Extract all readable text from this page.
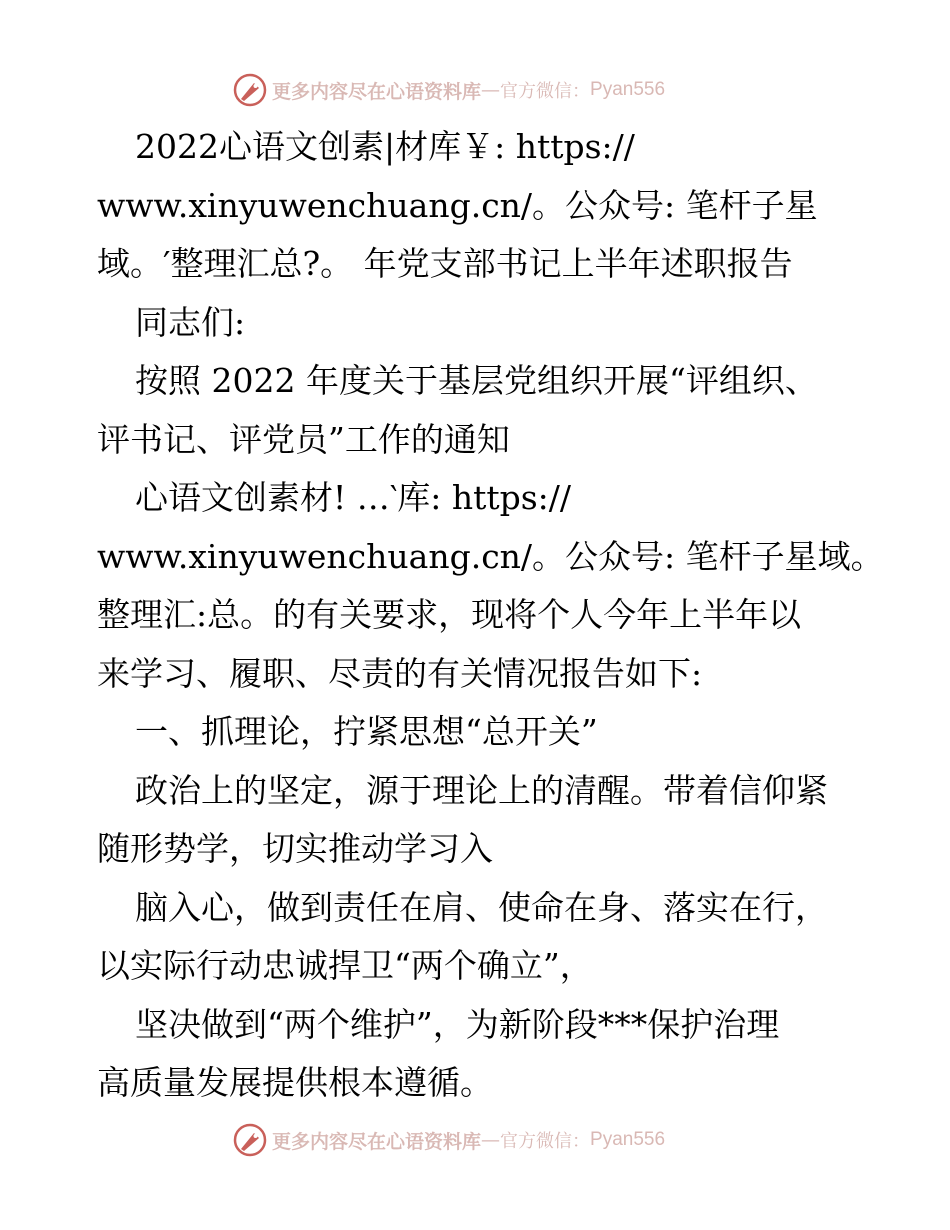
更多内容尽在心语资料库 — 官方微信： Pyan556
2022心语文创素|材库￥: https://
www.xinyuwenchuang.cn/。公众号: 笔杆子星
域。′整理汇总?。 年党支部书记上半年述职报告
同志们:
按照 2022 年度关于基层党组织开展“评组织、
评书记、评党员”工作的通知
心语文创素材! …‵库: https://
www.xinyuwenchuang.cn/。公众号: 笔杆子星域。
整理汇:总。的有关要求，现将个人今年上半年以
来学习、履职、尽责的有关情况报告如下:
一、抓理论，拧紧思想“总开关”
政治上的坚定，源于理论上的清醒。带着信仰紧
随形势学，切实推动学习入
脑入心，做到责任在肩、使命在身、落实在行，
以实际行动忠诚捍卫“两个确立”，
坚决做到“两个维护”，为新阶段***保护治理
高质量发展提供根本遵循。
更多内容尽在心语资料库 — 官方微信： Pyan556
